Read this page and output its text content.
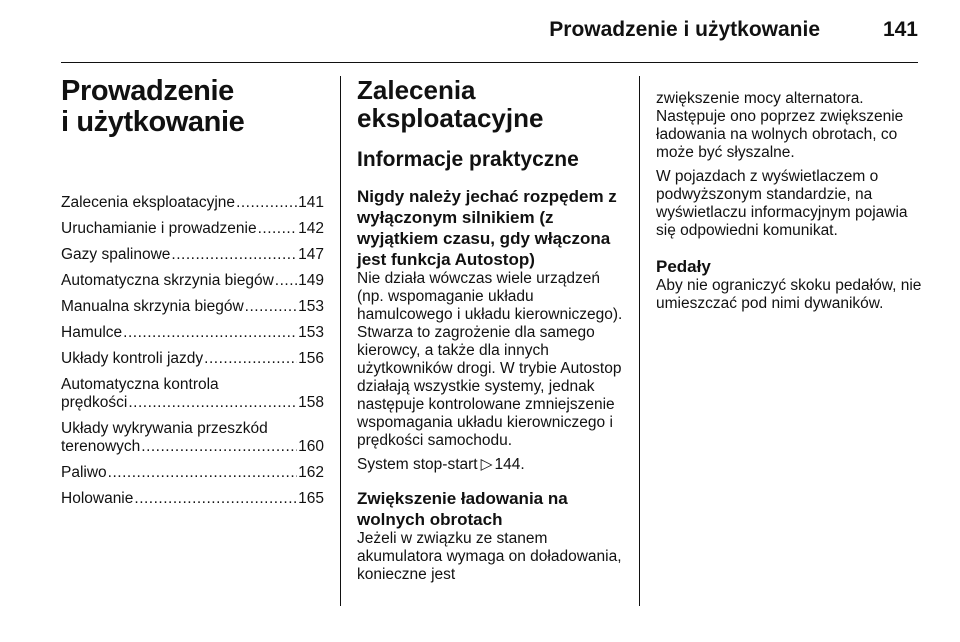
Prowadzenie i użytkowanie	141
Prowadzenie
i użytkowanie
Zalecenia eksploatacyjne .....	141
Uruchamianie i prowadzenie .....	142
Gazy spalinowe .....	147
Automatyczna skrzynia biegów ..... 149
Manualna skrzynia biegów .....	153
Hamulce .....	153
Układy kontroli jazdy .....	156
Automatyczna kontrola
prędkości .....	158
Układy wykrywania przeszkód
terenowych .....	160
Paliwo .....	162
Holowanie .....	165
Zalecenia
eksploatacyjne
Informacje praktyczne
Nigdy należy jechać rozpędem z wyłączonym silnikiem (z wyjątkiem czasu, gdy włączona jest funkcja Autostop)

Nie działa wówczas wiele urządzeń (np. wspomaganie układu hamulcowego i układu kierowniczego). Stwarza to zagrożenie dla samego kierowcy, a także dla innych użytkowników drogi. W trybie Autostop działają wszystkie systemy, jednak następuje kontrolowane zmniejszenie wspomagania układu kierowniczego i prędkości samochodu.

System stop-start ▷ 144.

Zwiększenie ładowania na wolnych obrotach

Jeżeli w związku ze stanem akumulatora wymaga on doładowania, konieczne jest

zwiększenie mocy alternatora. Następuje ono poprzez zwiększenie ładowania na wolnych obrotach, co może być słyszalne.

W pojazdach z wyświetlaczem o podwyższonym standardzie, na wyświetlaczu informacyjnym pojawia się odpowiedni komunikat.

Pedały

Aby nie ograniczyć skoku pedałów, nie umieszczać pod nimi dywaników.
